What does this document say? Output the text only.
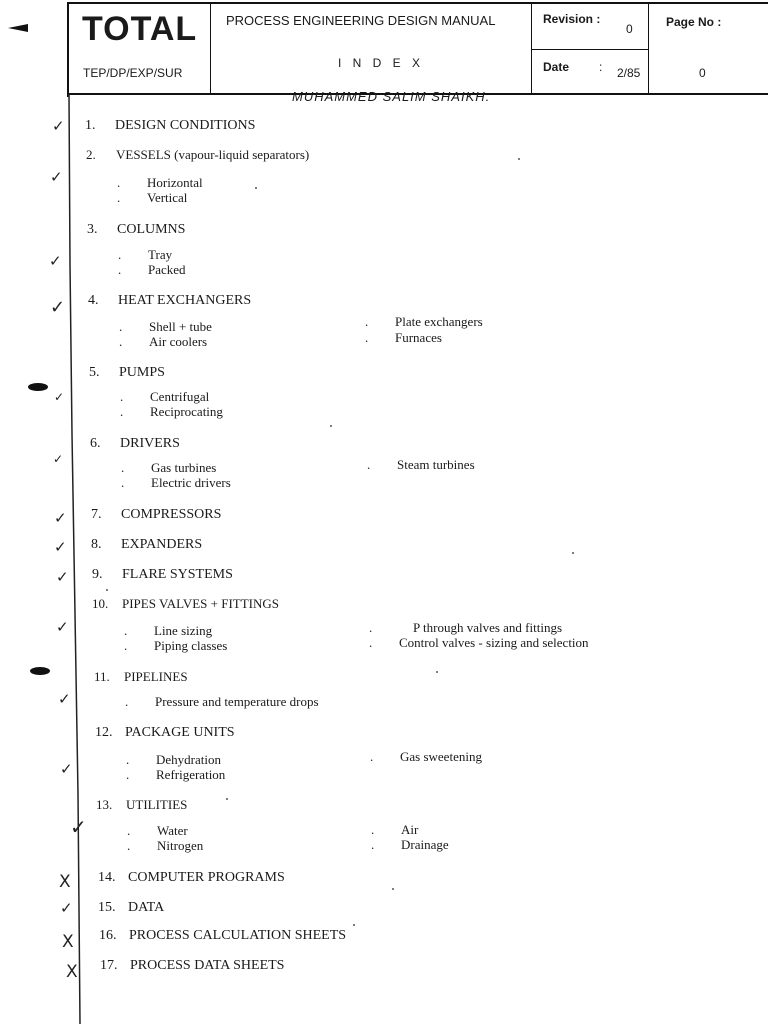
TOTAL
TEP/DP/EXP/SUR
PROCESS ENGINEERING DESIGN MANUAL
I N D E X
Revision :
0
Date : 2/85
Page No :
0
MUHAMMED SALIM SHAIKH.
1. DESIGN CONDITIONS
2. VESSELS (vapour-liquid separators)
. Horizontal
. Vertical
3. COLUMNS
. Tray
. Packed
4. HEAT EXCHANGERS
. Shell + tube
. Air coolers
. Plate exchangers
. Furnaces
5. PUMPS
. Centrifugal
. Reciprocating
6. DRIVERS
. Gas turbines
. Electric drivers
. Steam turbines
7. COMPRESSORS
8. EXPANDERS
9. FLARE SYSTEMS
10. PIPES VALVES + FITTINGS
. Line sizing
. Piping classes
.	P through valves and fittings
. Control valves - sizing and selection
11. PIPELINES
. Pressure and temperature drops
12. PACKAGE UNITS
. Dehydration
. Refrigeration
. Gas sweetening
13. UTILITIES
. Water
. Nitrogen
. Air
. Drainage
14. COMPUTER PROGRAMS
15. DATA
16. PROCESS CALCULATION SHEETS
17. PROCESS DATA SHEETS
✓
✓
✓
✓
✓
✓
✓
✓
✓
✓
✓
✓
✓
X
✓
X
X
